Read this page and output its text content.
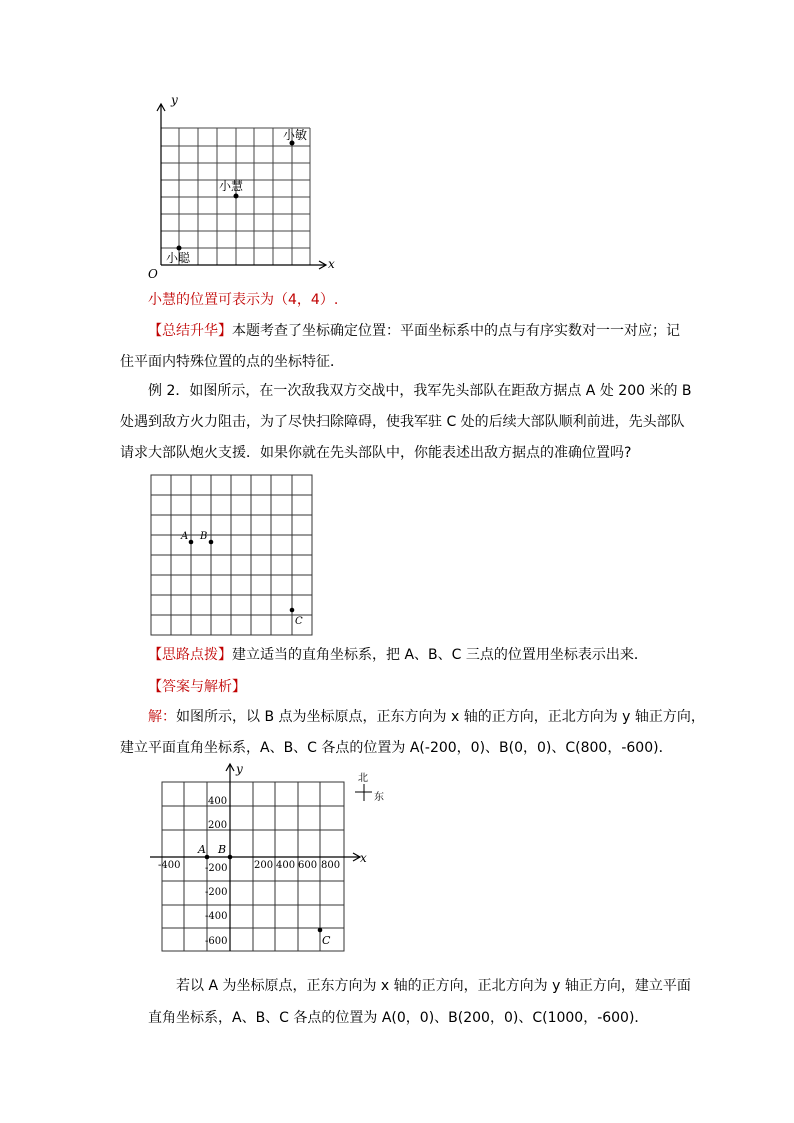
y
x
O
小聪
小慧
小敏
小慧的位置可表示为（4，4）.
【总结升华】本题考查了坐标确定位置：平面坐标系中的点与有序实数对一一对应；记
住平面内特殊位置的点的坐标特征．
例 2．如图所示，在一次敌我双方交战中，我军先头部队在距敌方据点 A 处 200 米的 B
处遇到敌方火力阻击，为了尽快扫除障碍，使我军驻 C 处的后续大部队顺利前进，先头部队
请求大部队炮火支援．如果你就在先头部队中，你能表述出敌方据点的准确位置吗?
A B
C
【思路点拨】建立适当的直角坐标系，把 A、B、C 三点的位置用坐标表示出来．
【答案与解析】
解：如图所示，以 B 点为坐标原点，正东方向为 x 轴的正方向，正北方向为 y 轴正方向，
建立平面直角坐标系，A、B、C 各点的位置为 A(-200，0)、B(0，0)、C(800，-600)．
y
x
-400	200 400 600 800
400
200
-200
-200
-400
-600
A B
C
北
东
若以 A 为坐标原点，正东方向为 x 轴的正方向，正北方向为 y 轴正方向，建立平面
直角坐标系，A、B、C 各点的位置为 A(0，0)、B(200，0)、C(1000，-600)．
